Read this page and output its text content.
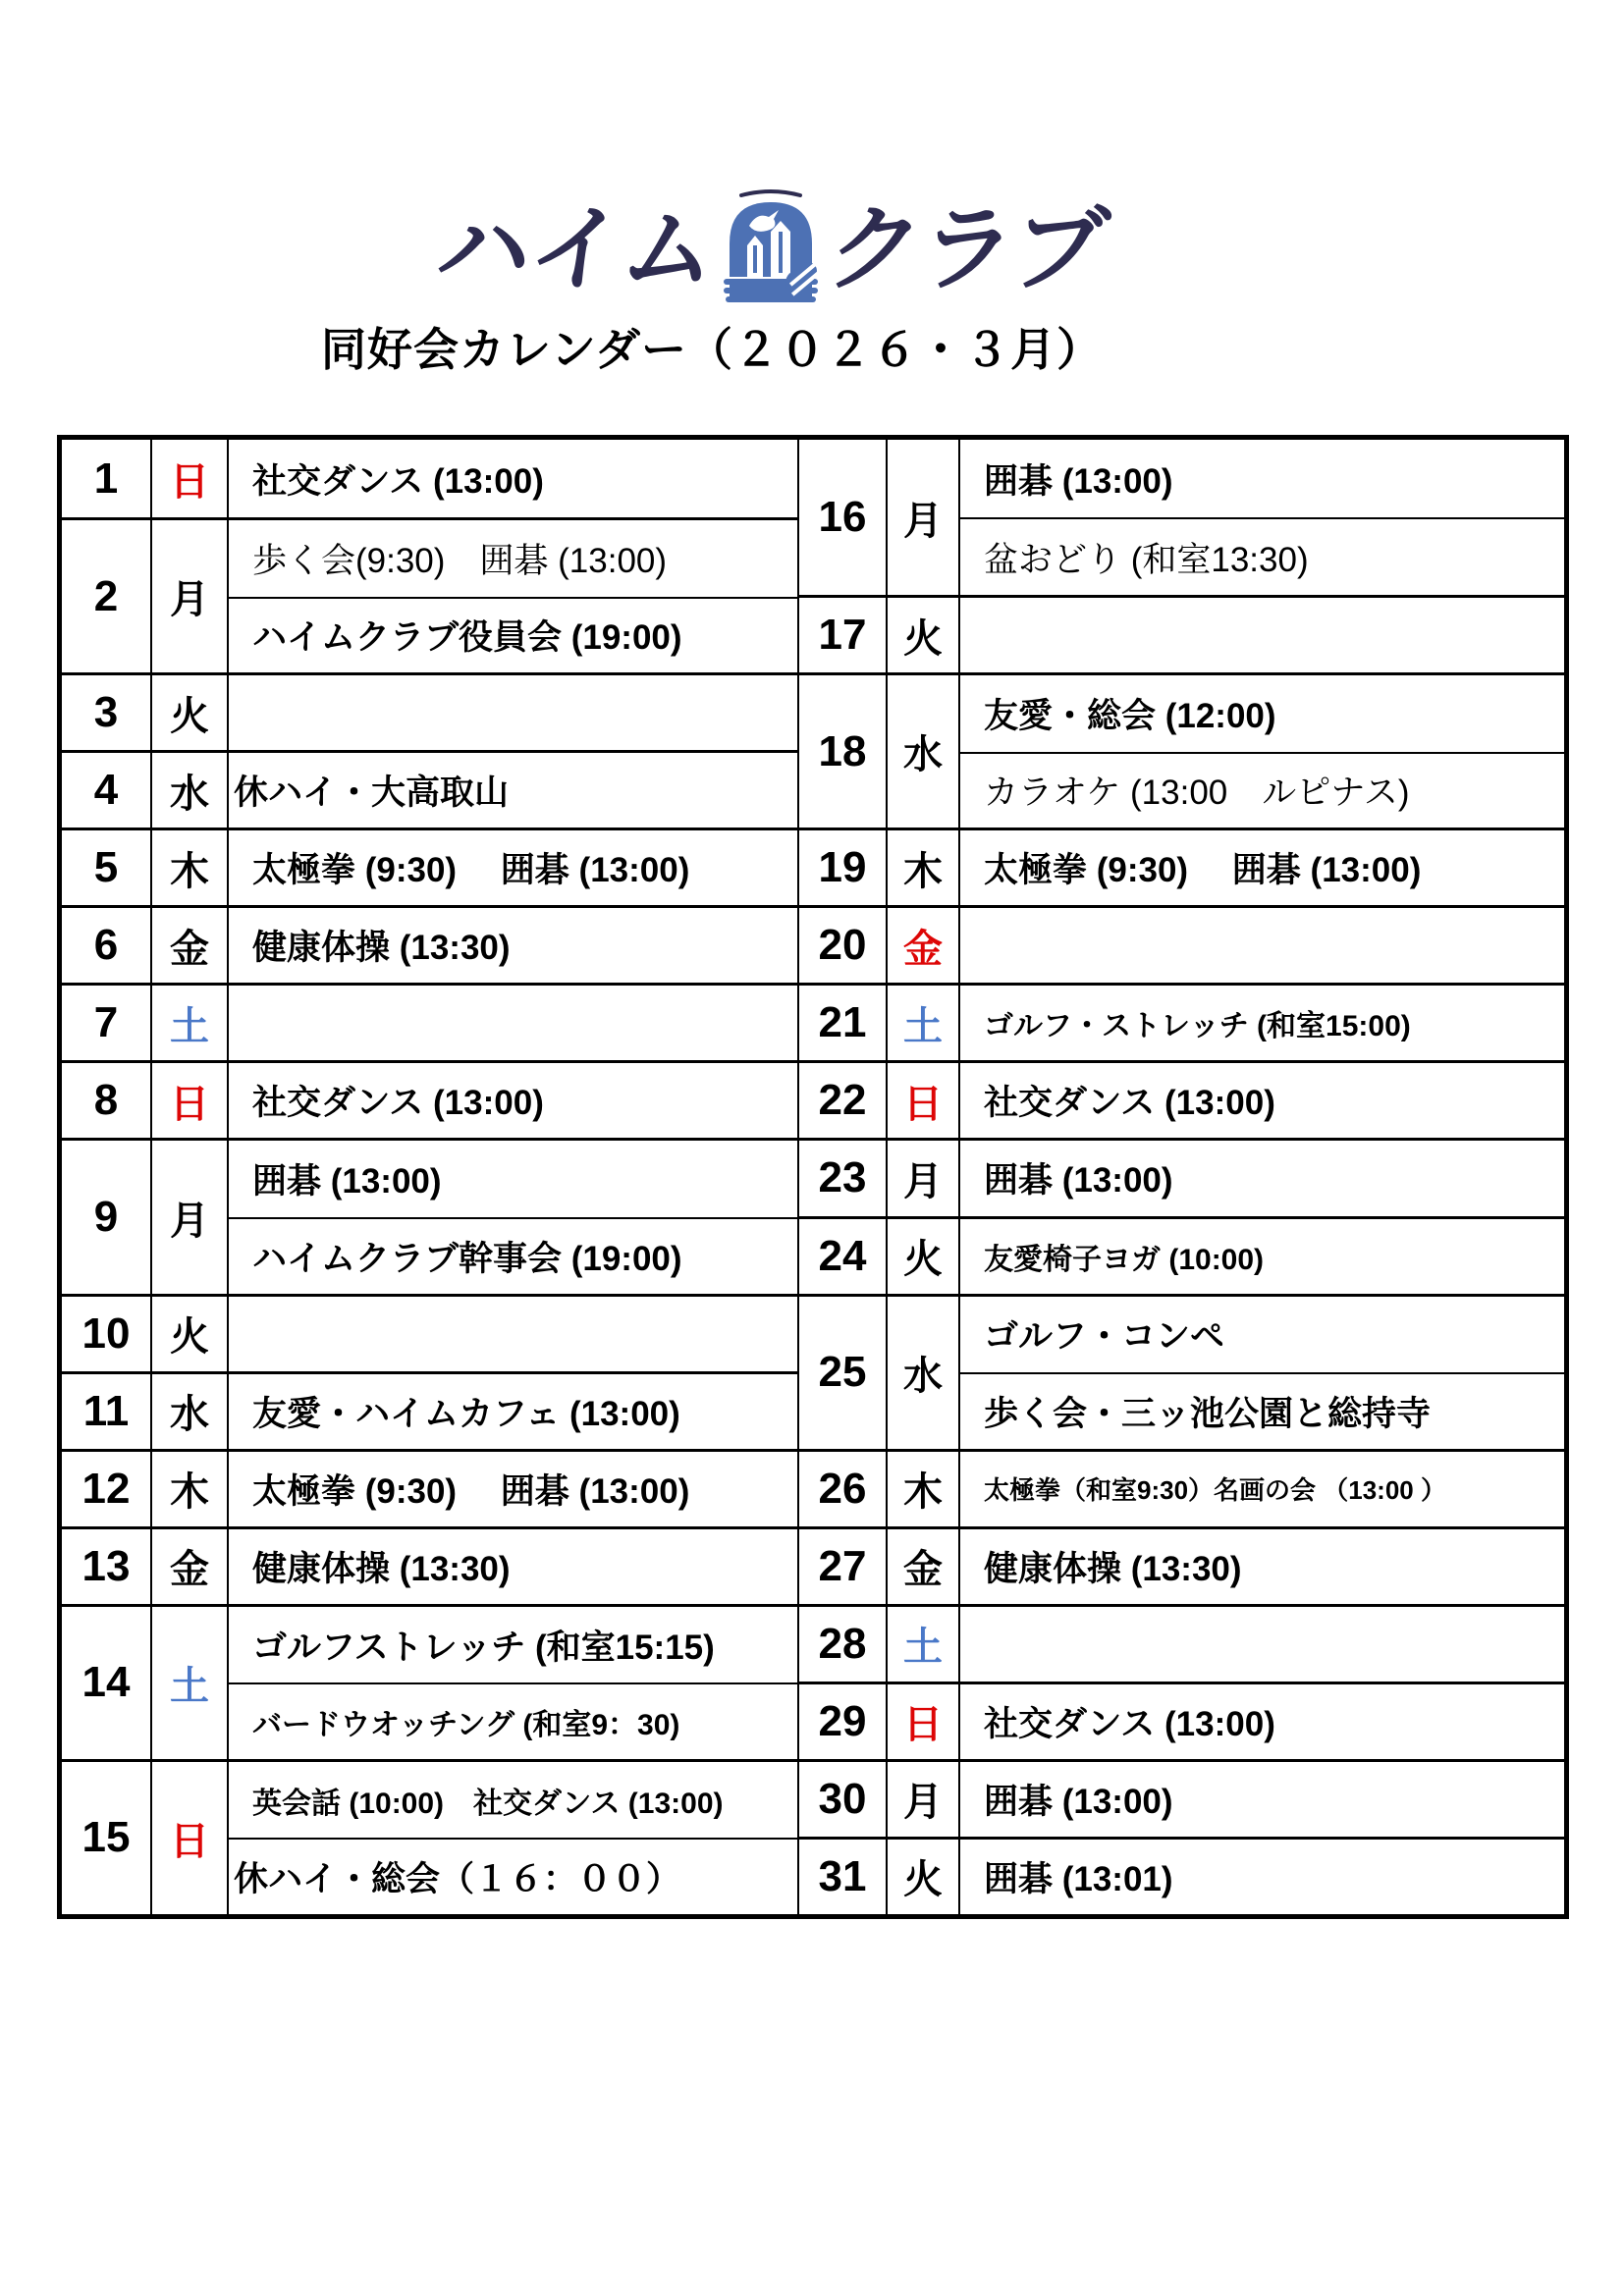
ハイム クラブ
同好会カレンダー（２０２６・３月）
1	日	社交ダンス (13:00)
2	月
歩く会(9:30)　囲碁 (13:00)
ハイムクラブ役員会 (19:00)
3	火
4	水 休ハイ・大高取山
5	木	太極拳 (9:30)　 囲碁 (13:00)
6	金	健康体操 (13:30)
7	土
8	日	社交ダンス (13:00)
9	月
囲碁 (13:00)
ハイムクラブ幹事会 (19:00)
10	火
11	水	友愛・ハイムカフェ (13:00)
12	木	太極拳 (9:30)　 囲碁 (13:00)
13	金	健康体操 (13:30)
14	土
ゴルフストレッチ (和室15:15)
バードウオッチング (和室9：30)
15	日
英会話 (10:00)　社交ダンス (13:00)
休ハイ・総会（１６：００）
16 月
囲碁 (13:00)
盆おどり (和室13:30)
17 火
18 水
友愛・総会 (12:00)
カラオケ (13:00　ルピナス)
19 木	太極拳 (9:30)　 囲碁 (13:00)
20 金
21 土	ゴルフ・ストレッチ (和室15:00)
22 日	社交ダンス (13:00)
23 月	囲碁 (13:00)
24 火	友愛椅子ヨガ (10:00)
25 水
ゴルフ・コンペ
歩く会・三ッ池公園と総持寺
26 木	太極拳（和室9:30）名画の会 （13:00 ）
27 金	健康体操 (13:30)
28 土
29 日	社交ダンス (13:00)
30 月	囲碁 (13:00)
31 火	囲碁 (13:01)
